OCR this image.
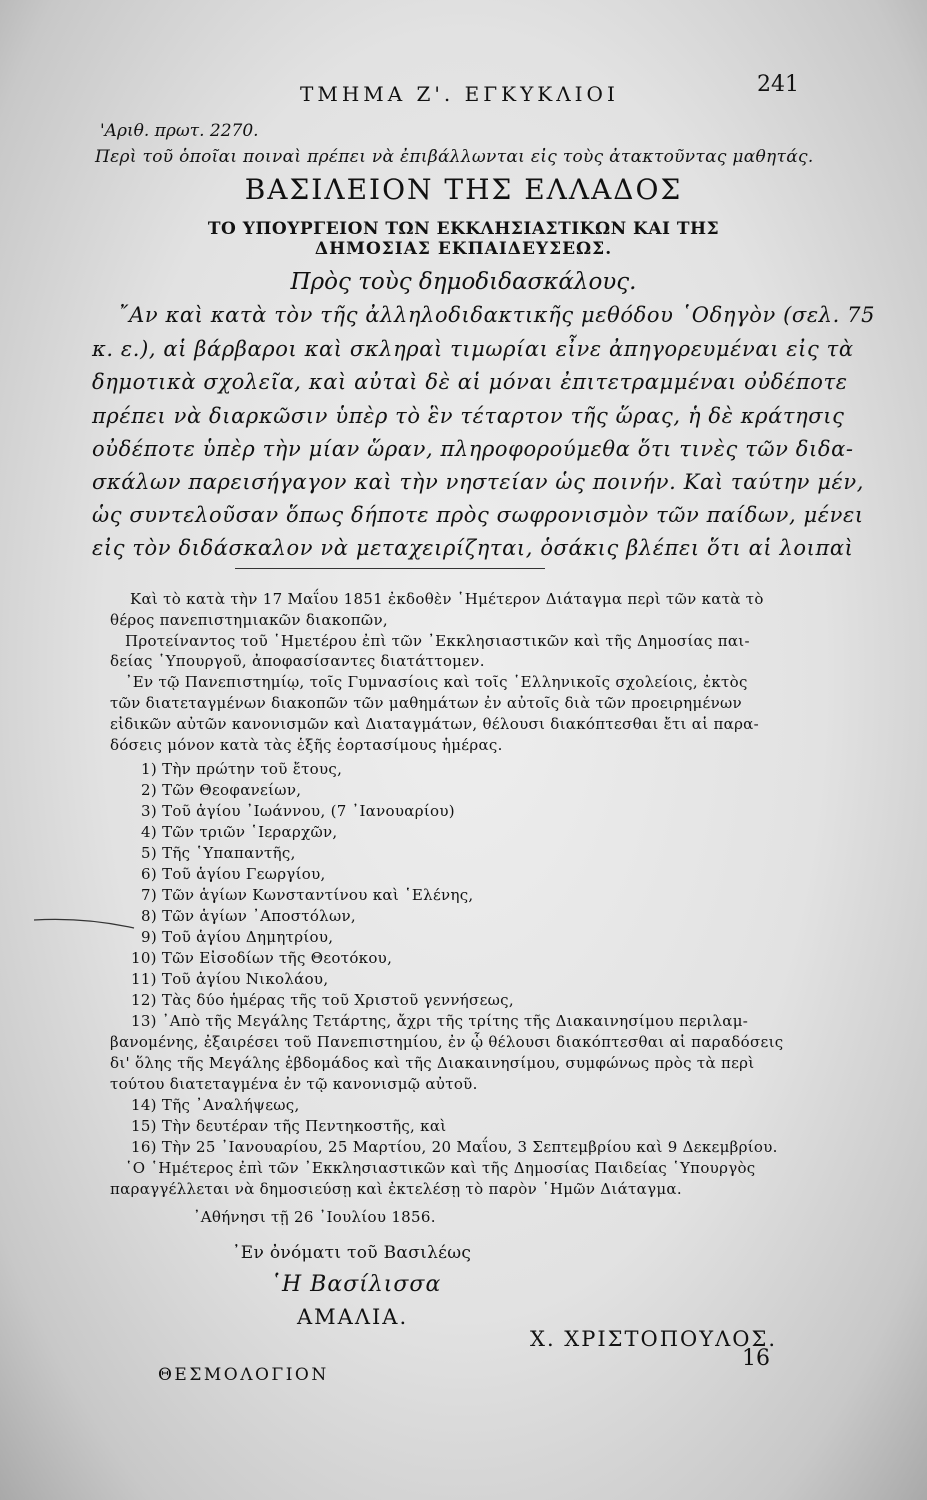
ΤΜΗΜΑ Ζ'. ΕΓΚΥΚΛΙΟΙ	241
'Αριθ. πρωτ. 2270.
Περὶ τοῦ ὁποῖαι ποιναὶ πρέπει νὰ ἐπιβάλλωνται εἰς τοὺς ἀτακτοῦντας μαθητάς.
ΒΑΣΙΛΕΙΟΝ ΤΗΣ ΕΛΛΑΔΟΣ
ΤΟ ΥΠΟΥΡΓΕΙΟΝ ΤΩΝ ΕΚΚΛΗΣΙΑΣΤΙΚΩΝ ΚΑΙ ΤΗΣ
ΔΗΜΟΣΙΑΣ ΕΚΠΑΙΔΕΥΣΕΩΣ.
Πρὸς τοὺς δημοδιδασκάλους.
῎Αν καὶ κατὰ τὸν τῆς ἀλληλοδιδακτικῆς μεθόδου ῾Οδηγὸν (σελ. 75
κ. ε.), αἱ βάρβαροι καὶ σκληραὶ τιμωρίαι εἶνε ἀπηγορευμέναι εἰς τὰ
δημοτικὰ σχολεῖα, καὶ αὐταὶ δὲ αἱ μόναι ἐπιτετραμμέναι οὐδέποτε
πρέπει νὰ διαρκῶσιν ὑπὲρ τὸ ἓν τέταρτον τῆς ὥρας, ἡ δὲ κράτησις
οὐδέποτε ὑπὲρ τὴν μίαν ὥραν, πληροφορούμεθα ὅτι τινὲς τῶν διδα-
σκάλων παρεισήγαγον καὶ τὴν νηστείαν ὡς ποινήν. Καὶ ταύτην μέν,
ὡς συντελοῦσαν ὅπως δήποτε πρὸς σωφρονισμὸν τῶν παίδων, μένει
εἰς τὸν διδάσκαλον νὰ μεταχειρίζηται, ὁσάκις βλέπει ὅτι αἱ λοιπαὶ
Καὶ τὸ κατὰ τὴν 17 Μαΐου 1851 ἐκδοθὲν ῾Ημέτερον Διάταγμα περὶ τῶν κατὰ τὸ
θέρος πανεπιστημιακῶν διακοπῶν,
Προτείναντος τοῦ ῾Ημετέρου ἐπὶ τῶν ᾿Εκκλησιαστικῶν καὶ τῆς Δημοσίας παι-
δείας ῾Υπουργοῦ, ἀποφασίσαντες διατάττομεν.
᾿Εν τῷ Πανεπιστημίῳ, τοῖς Γυμνασίοις καὶ τοῖς ῾Ελληνικοῖς σχολείοις, ἐκτὸς
τῶν διατεταγμένων διακοπῶν τῶν μαθημάτων ἐν αὐτοῖς διὰ τῶν προειρημένων
εἰδικῶν αὐτῶν κανονισμῶν καὶ Διαταγμάτων, θέλουσι διακόπτεσθαι ἔτι αἱ παρα-
δόσεις μόνον κατὰ τὰς ἑξῆς ἑορτασίμους ἡμέρας.
1) Τὴν πρώτην τοῦ ἔτους,
2) Τῶν Θεοφανείων,
3) Τοῦ ἁγίου ᾿Ιωάννου, (7 ᾿Ιανουαρίου)
4) Τῶν τριῶν ῾Ιεραρχῶν,
5) Τῆς ῾Υπαπαντῆς,
6) Τοῦ ἁγίου Γεωργίου,
7) Τῶν ἁγίων Κωνσταντίνου καὶ ῾Ελένης,
8) Τῶν ἁγίων ᾿Αποστόλων,
9) Τοῦ ἁγίου Δημητρίου,
10) Τῶν Εἰσοδίων τῆς Θεοτόκου,
11) Τοῦ ἁγίου Νικολάου,
12) Τὰς δύο ἡμέρας τῆς τοῦ Χριστοῦ γεννήσεως,
13) ᾿Απὸ τῆς Μεγάλης Τετάρτης, ἄχρι τῆς τρίτης τῆς Διακαινησίμου περιλαμ-
βανομένης, ἐξαιρέσει τοῦ Πανεπιστημίου, ἐν ᾧ θέλουσι διακόπτεσθαι αἱ παραδόσεις
δι' ὅλης τῆς Μεγάλης ἑβδομάδος καὶ τῆς Διακαινησίμου, συμφώνως πρὸς τὰ περὶ
τούτου διατεταγμένα ἐν τῷ κανονισμῷ αὐτοῦ.
14) Τῆς ᾿Αναλήψεως,
15) Τὴν δευτέραν τῆς Πεντηκοστῆς, καὶ
16) Τὴν 25 ᾿Ιανουαρίου, 25 Μαρτίου, 20 Μαΐου, 3 Σεπτεμβρίου καὶ 9 Δεκεμβρίου.
῾Ο ῾Ημέτερος ἐπὶ τῶν ᾿Εκκλησιαστικῶν καὶ τῆς Δημοσίας Παιδείας ῾Υπουργὸς
παραγγέλλεται νὰ δημοσιεύσῃ καὶ ἐκτελέσῃ τὸ παρὸν ῾Ημῶν Διάταγμα.
᾿Αθήνησι τῇ 26 ᾿Ιουλίου 1856.
᾿Εν ὀνόματι τοῦ Βασιλέως
῾Η Βασίλισσα
ΑΜΑΛΙΑ.
Χ. ΧΡΙΣΤΟΠΟΥΛΟΣ.
ΘΕΣΜΟΛΟΓΙΟΝ
16
